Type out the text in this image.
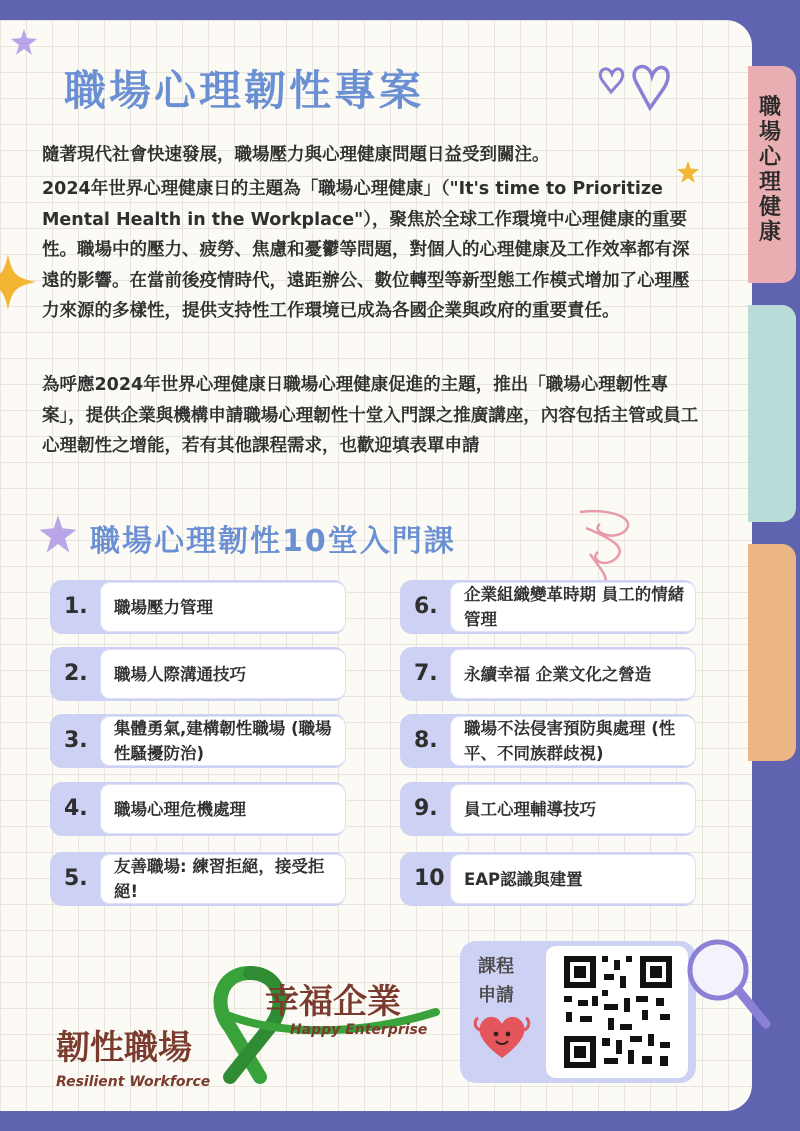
職場心理健康
職場心理韌性專案
隨著現代社會快速發展，職場壓力與心理健康問題日益受到關注。
2024年世界心理健康日的主題為「職場心理健康」（"It's time to Prioritize Mental Health in the Workplace"），聚焦於全球工作環境中心理健康的重要性。職場中的壓力、疲勞、焦慮和憂鬱等問題，對個人的心理健康及工作效率都有深遠的影響。在當前後疫情時代，遠距辦公、數位轉型等新型態工作模式增加了心理壓力來源的多樣性，提供支持性工作環境已成為各國企業與政府的重要責任。
為呼應2024年世界心理健康日職場心理健康促進的主題，推出「職場心理韌性專案」，提供企業與機構申請職場心理韌性十堂入門課之推廣講座，內容包括主管或員工心理韌性之增能，若有其他課程需求，也歡迎填表單申請
職場心理韌性10堂入門課
1. 職場壓力管理
2. 職場人際溝通技巧
3. 集體勇氣,建構韌性職場 (職場性騷擾防治)
4. 職場心理危機處理
5. 友善職場: 練習拒絕，接受拒絕!
6. 企業組織變革時期 員工的情緒管理
7. 永續幸福 企業文化之營造
8. 職場不法侵害預防與處理 (性平、不同族群歧視)
9. 員工心理輔導技巧
10 EAP認識與建置
幸福企業
Happy Enterprise
韌性職場
Resilient Workforce
課程申請
